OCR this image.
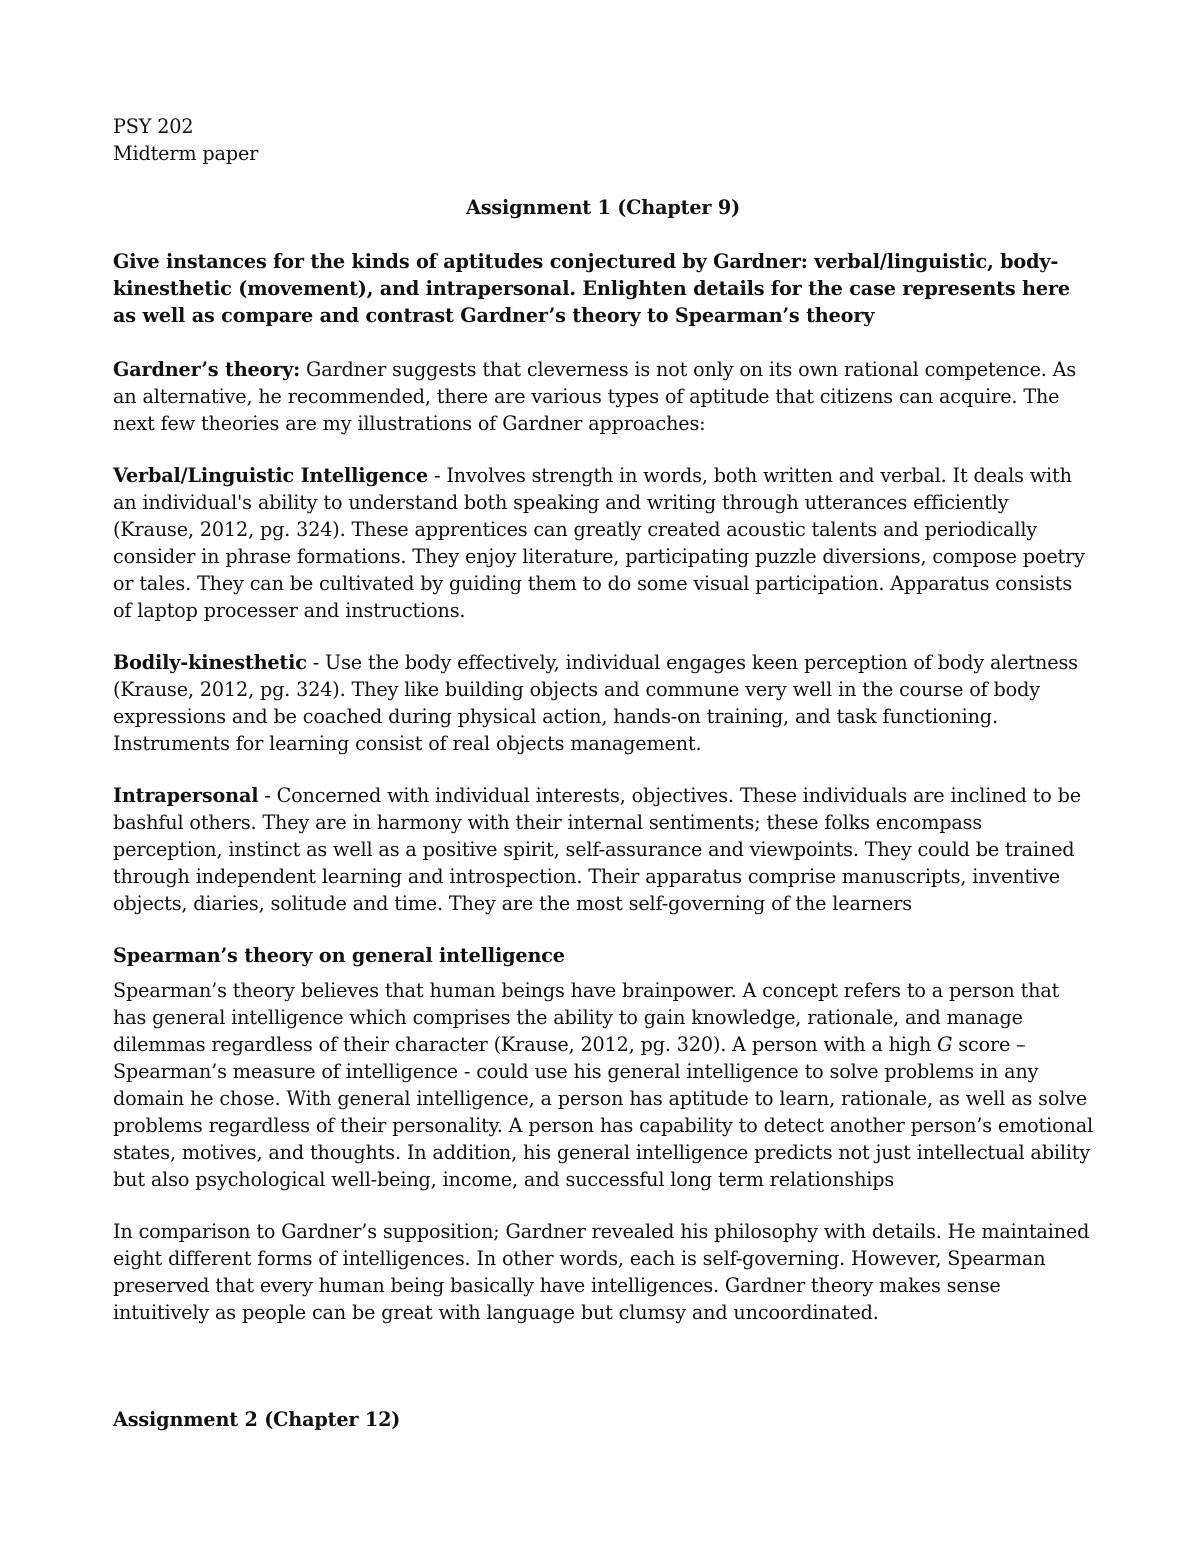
PSY 202

Midterm paper

Assignment 1 (Chapter 9)

Give instances for the kinds of aptitudes conjectured by Gardner: verbal/linguistic, body-kinesthetic (movement), and intrapersonal. Enlighten details for the case represents here as well as compare and contrast Gardner’s theory to Spearman’s theory

Gardner’s theory: Gardner suggests that cleverness is not only on its own rational competence. As an alternative, he recommended, there are various types of aptitude that citizens can acquire. The next few theories are my illustrations of Gardner approaches:

Verbal/Linguistic Intelligence - Involves strength in words, both written and verbal. It deals with an individual's ability to understand both speaking and writing through utterances efficiently (Krause, 2012, pg. 324). These apprentices can greatly created acoustic talents and periodically consider in phrase formations. They enjoy literature, participating puzzle diversions, compose poetry or tales. They can be cultivated by guiding them to do some visual participation. Apparatus consists of laptop processer and instructions.

Bodily-kinesthetic - Use the body effectively, individual engages keen perception of body alertness (Krause, 2012, pg. 324). They like building objects and commune very well in the course of body expressions and be coached during physical action, hands-on training, and task functioning. Instruments for learning consist of real objects management.

Intrapersonal - Concerned with individual interests, objectives. These individuals are inclined to be bashful others. They are in harmony with their internal sentiments; these folks encompass perception, instinct as well as a positive spirit, self-assurance and viewpoints. They could be trained through independent learning and introspection. Their apparatus comprise manuscripts, inventive objects, diaries, solitude and time. They are the most self-governing of the learners

Spearman’s theory on general intelligence

Spearman’s theory believes that human beings have brainpower. A concept refers to a person that has general intelligence which comprises the ability to gain knowledge, rationale, and manage dilemmas regardless of their character (Krause, 2012, pg. 320). A person with a high G score – Spearman’s measure of intelligence - could use his general intelligence to solve problems in any domain he chose. With general intelligence, a person has aptitude to learn, rationale, as well as solve problems regardless of their personality. A person has capability to detect another person’s emotional states, motives, and thoughts. In addition, his general intelligence predicts not just intellectual ability but also psychological well-being, income, and successful long term relationships

In comparison to Gardner’s supposition; Gardner revealed his philosophy with details. He maintained eight different forms of intelligences. In other words, each is self-governing. However, Spearman preserved that every human being basically have intelligences. Gardner theory makes sense intuitively as people can be great with language but clumsy and uncoordinated.

Assignment 2 (Chapter 12)
